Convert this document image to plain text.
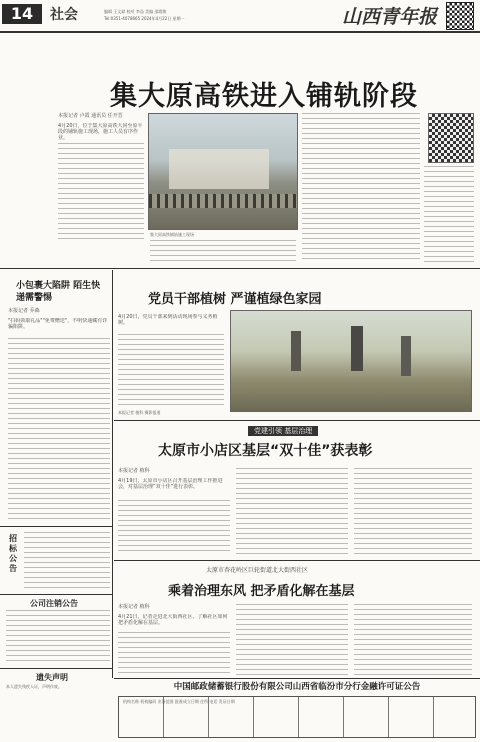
14	社会	编辑 王文斌 校对 李品 美编 邵霞敏
Tel:0351-4078665 2024年4月22日 星期一	山西青年报
集大原高铁进入铺轨阶段
本报记者 卢霞 通讯员 任开晋
4月20日，位于集大原高铁大同至原平段的铺轨施工现场，施工人员有序作业。
集大原高铁铺轨施工现场
小包裹大陷阱 陌生快递需警惕
本报记者 乔森
"扫码领取礼品""免费赠送"，不明快递藏有诈骗陷阱。
党员干部植树 严谨植绿色家园
4月20日，党员干部来到活动现场参与义务植树。
本报记者 植科 摄影报道
党建引领 基层治理
太原市小店区基层“双十佳”获表彰
本报记者 植科
4月19日，太原市小店区召开基层治理工作推进会，对基层治理“双十佳”进行表彰。
太原市杏花岭区巨轮街道北大街西社区
乘着治理东风 把矛盾化解在基层
本报记者 植科
4月21日，记者走进北大街西社区，了解社区如何把矛盾化解在基层。
招标公告
公司注销公告
遗失声明
本人遗失残疾人证，声明作废。	中国邮政储蓄银行股份有限公司山西省临汾市分行金融许可证公告
机构名称 机构编码 业务范围 批准成立日期 住所 电话 发证日期
